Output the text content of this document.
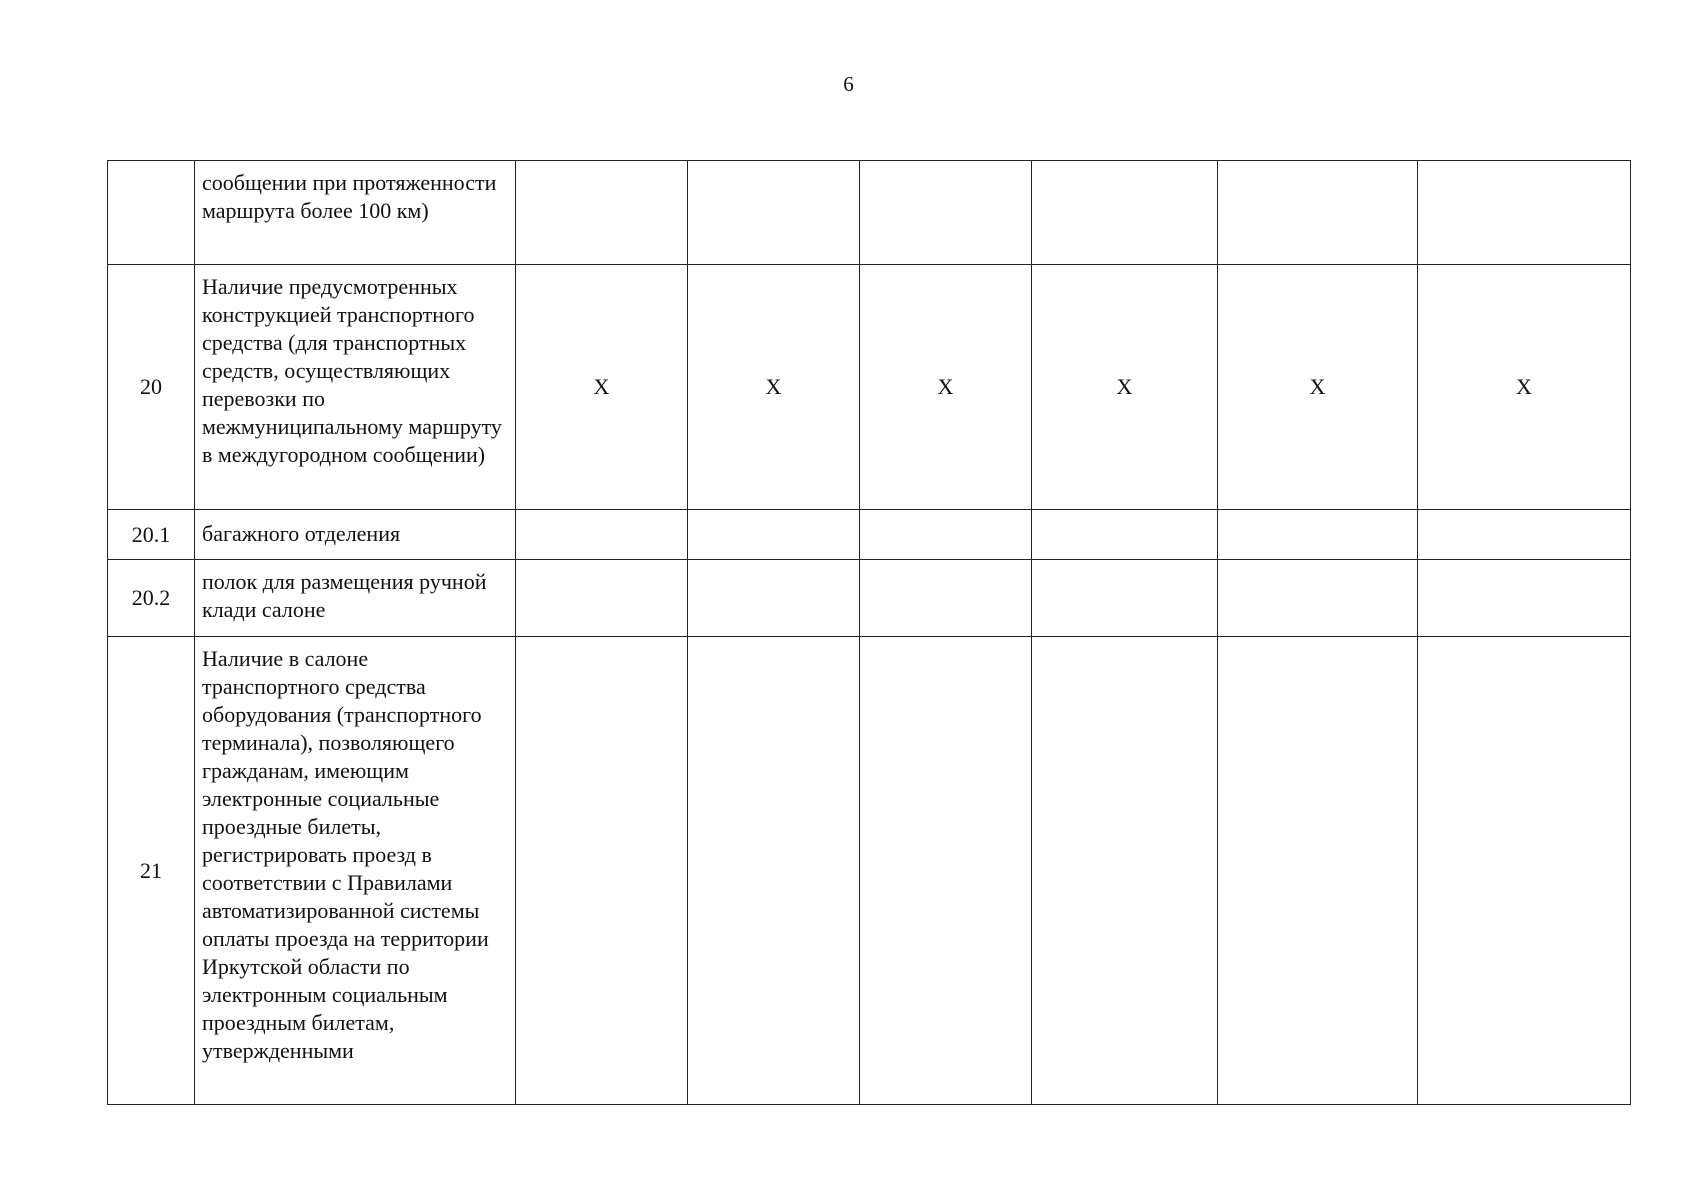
6
	сообщении при протяженности маршрута более 100 км)						
20	Наличие предусмотренных конструкцией транспортного средства (для транспортных средств, осуществляющих перевозки по межмуниципальному маршруту в междугородном сообщении)	X	X	X	X	X	X
20.1	багажного отделения						
20.2	полок для размещения ручной клади салоне						
21	Наличие в салоне транспортного средства оборудования (транспортного терминала), позволяющего гражданам, имеющим электронные социальные проездные билеты, регистрировать проезд в соответствии с Правилами автоматизированной системы оплаты проезда на территории Иркутской области по электронным социальным проездным билетам, утвержденными						
